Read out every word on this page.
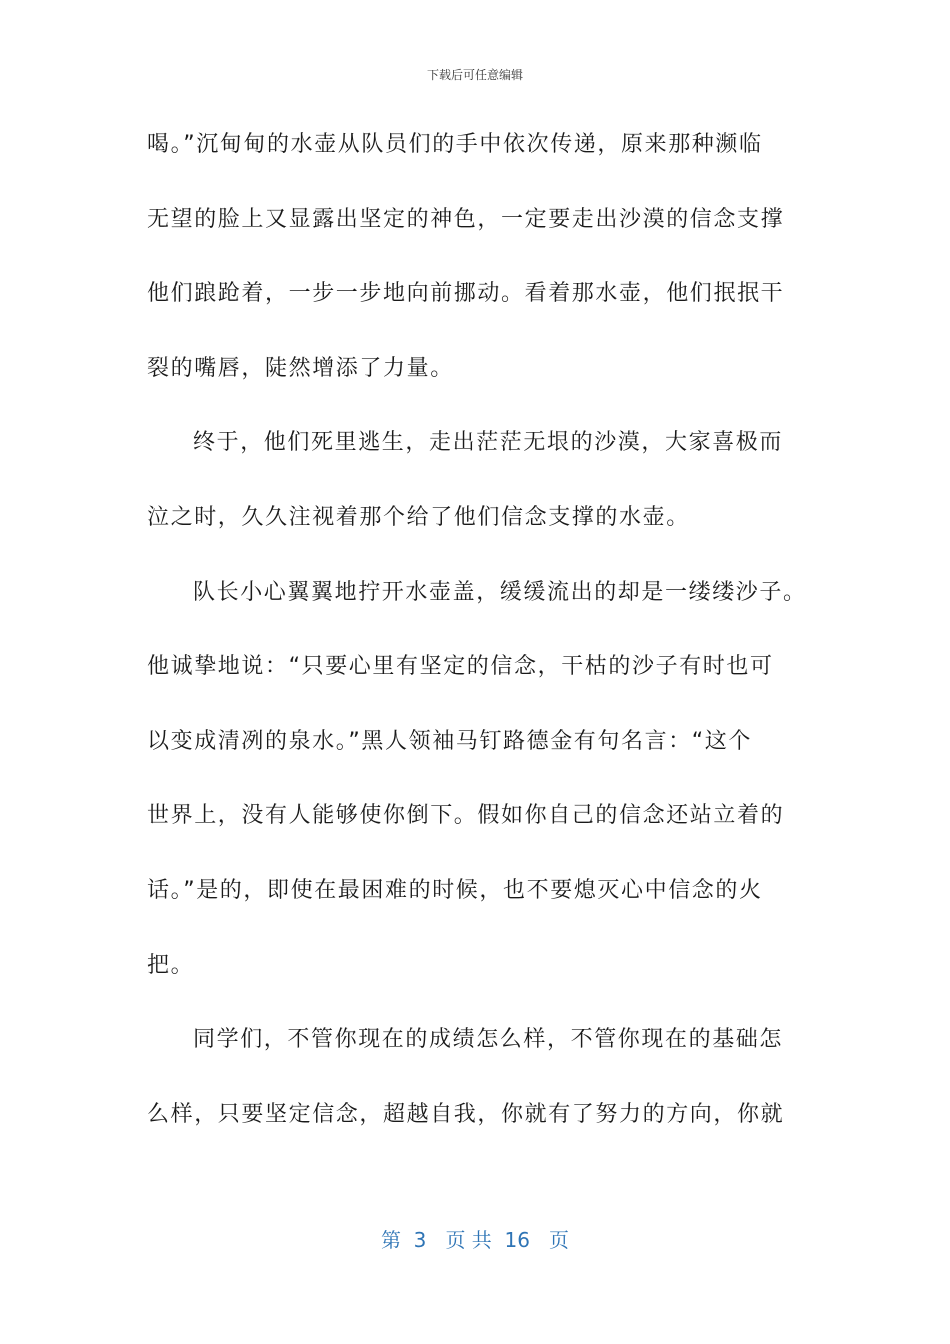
下载后可任意编辑
喝。”沉甸甸的水壶从队员们的手中依次传递，原来那种濒临
无望的脸上又显露出坚定的神色，一定要走出沙漠的信念支撑
他们踉跄着，一步一步地向前挪动。看着那水壶，他们抿抿干
裂的嘴唇，陡然增添了力量。
终于，他们死里逃生，走出茫茫无垠的沙漠，大家喜极而
泣之时，久久注视着那个给了他们信念支撑的水壶。
队长小心翼翼地拧开水壶盖，缓缓流出的却是一缕缕沙子。
他诚挚地说：“只要心里有坚定的信念，干枯的沙子有时也可
以变成清冽的泉水。”黑人领袖马钉路德金有句名言：“这个
世界上，没有人能够使你倒下。假如你自己的信念还站立着的
话。”是的，即使在最困难的时候，也不要熄灭心中信念的火
把。
同学们，不管你现在的成绩怎么样，不管你现在的基础怎
么样，只要坚定信念，超越自我，你就有了努力的方向，你就
第  3   页 共  16   页
